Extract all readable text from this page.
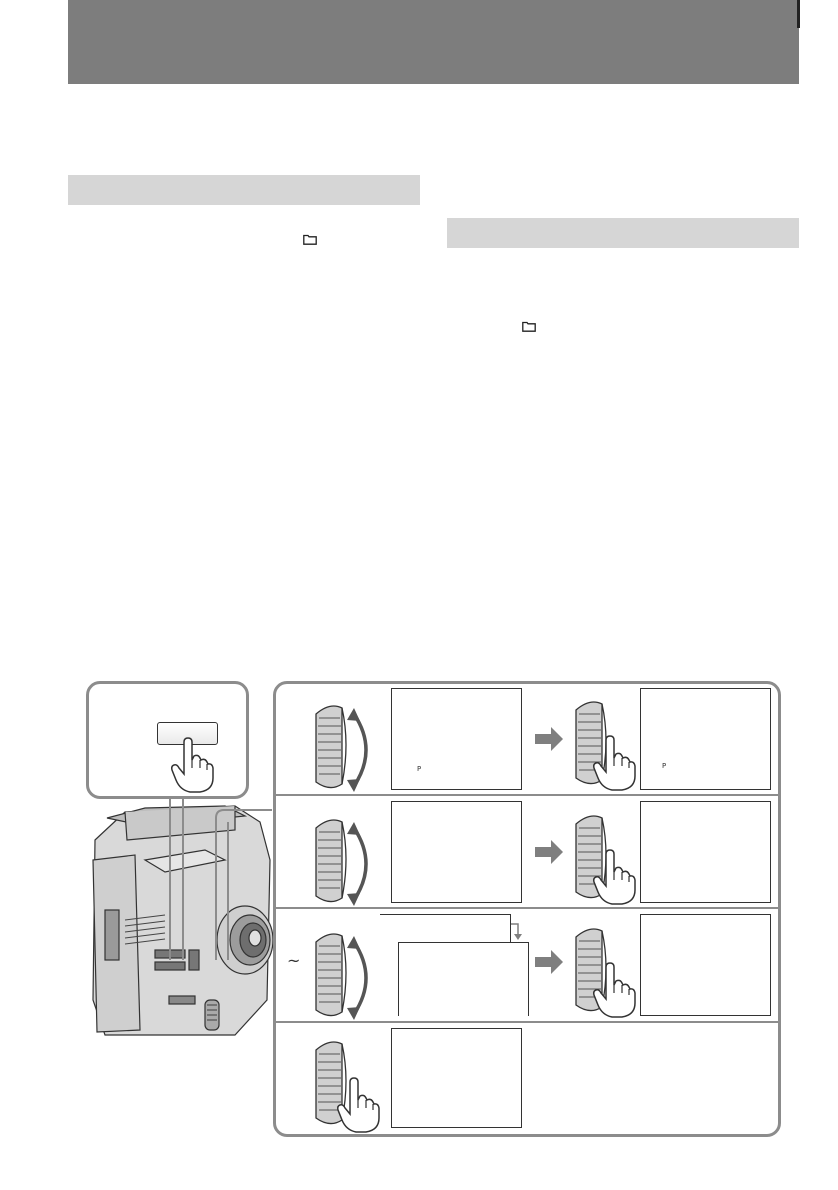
~
P	P
